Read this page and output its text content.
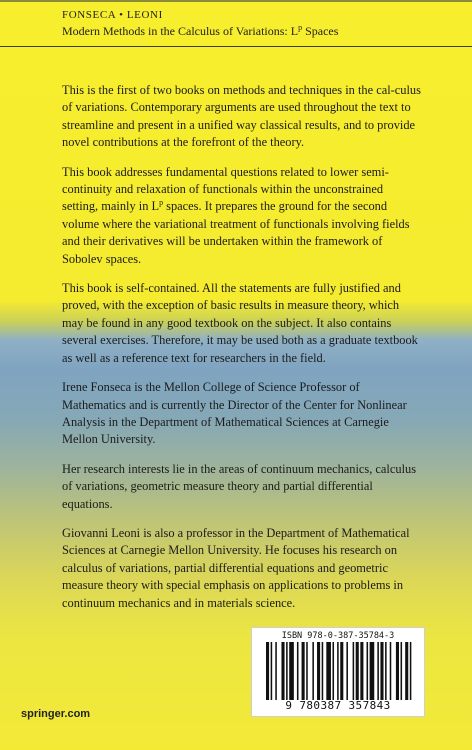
FONSECA • LEONI
Modern Methods in the Calculus of Variations: $L^p$ Spaces

This is the first of two books on methods and techniques in the cal-culus of variations. Contemporary arguments are used throughout the text to streamline and present in a unified way classical results, and to provide novel contributions at the forefront of the theory.

This book addresses fundamental questions related to lower semi-continuity and relaxation of functionals within the unconstrained setting, mainly in $L^p$ spaces. It prepares the ground for the second volume where the variational treatment of functionals involving fields and their derivatives will be undertaken within the framework of Sobolev spaces.

This book is self-contained. All the statements are fully justified and proved, with the exception of basic results in measure theory, which may be found in any good textbook on the subject. It also contains several exercises. Therefore, it may be used both as a graduate textbook as well as a reference text for researchers in the field.

Irene Fonseca is the Mellon College of Science Professor of Mathematics and is currently the Director of the Center for Nonlinear Analysis in the Department of Mathematical Sciences at Carnegie Mellon University.

Her research interests lie in the areas of continuum mechanics, calculus of variations, geometric measure theory and partial differential equations.

Giovanni Leoni is also a professor in the Department of Mathematical Sciences at Carnegie Mellon University. He focuses his research on calculus of variations, partial differential equations and geometric measure theory with special emphasis on applications to problems in continuum mechanics and in materials science.

ISBN 978-0-387-35784-3
9 780387 357843
springer.com
